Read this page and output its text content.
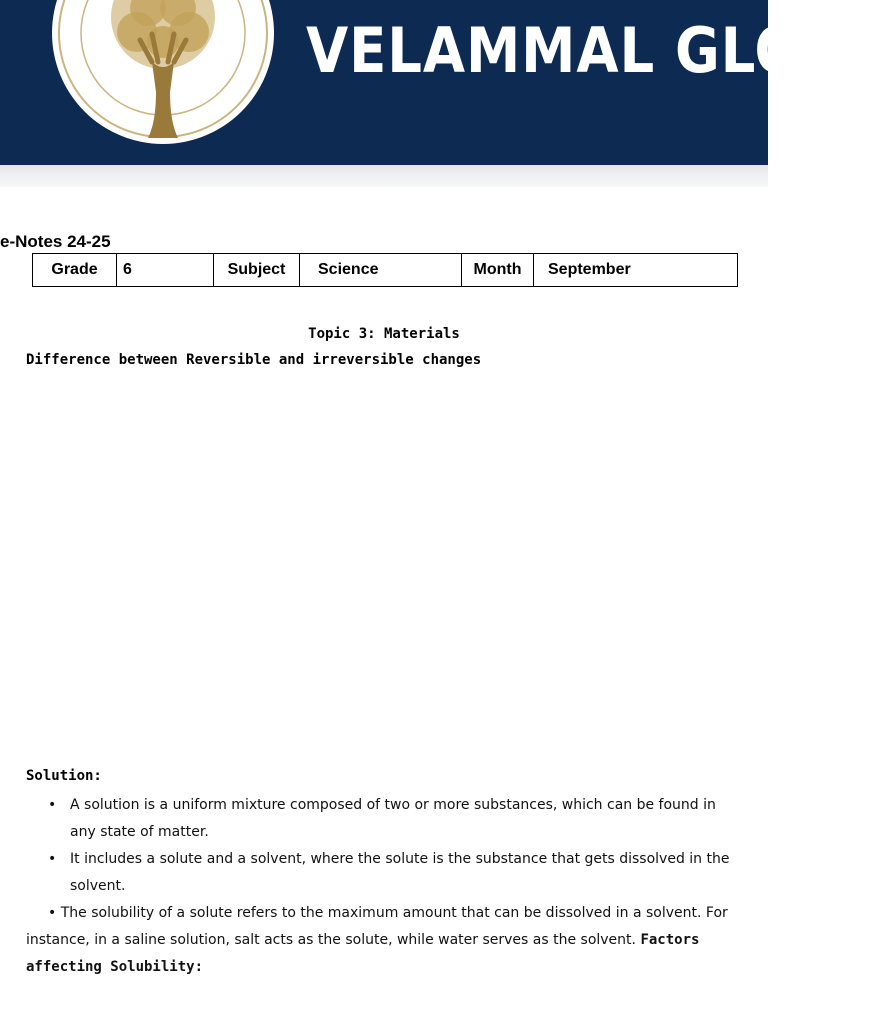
VELAMMAL GLOBA
e-Notes 24-25
Grade	6	Subject	Science	Month	September
Topic 3: Materials
Difference between Reversible and irreversible changes
Solution:
• A solution is a uniform mixture composed of two or more substances, which can be found in any state of matter.
• It includes a solute and a solvent, where the solute is the substance that gets dissolved in the solvent.
• The solubility of a solute refers to the maximum amount that can be dissolved in a solvent. For instance, in a saline solution, salt acts as the solute, while water serves as the solvent. Factors affecting Solubility:
